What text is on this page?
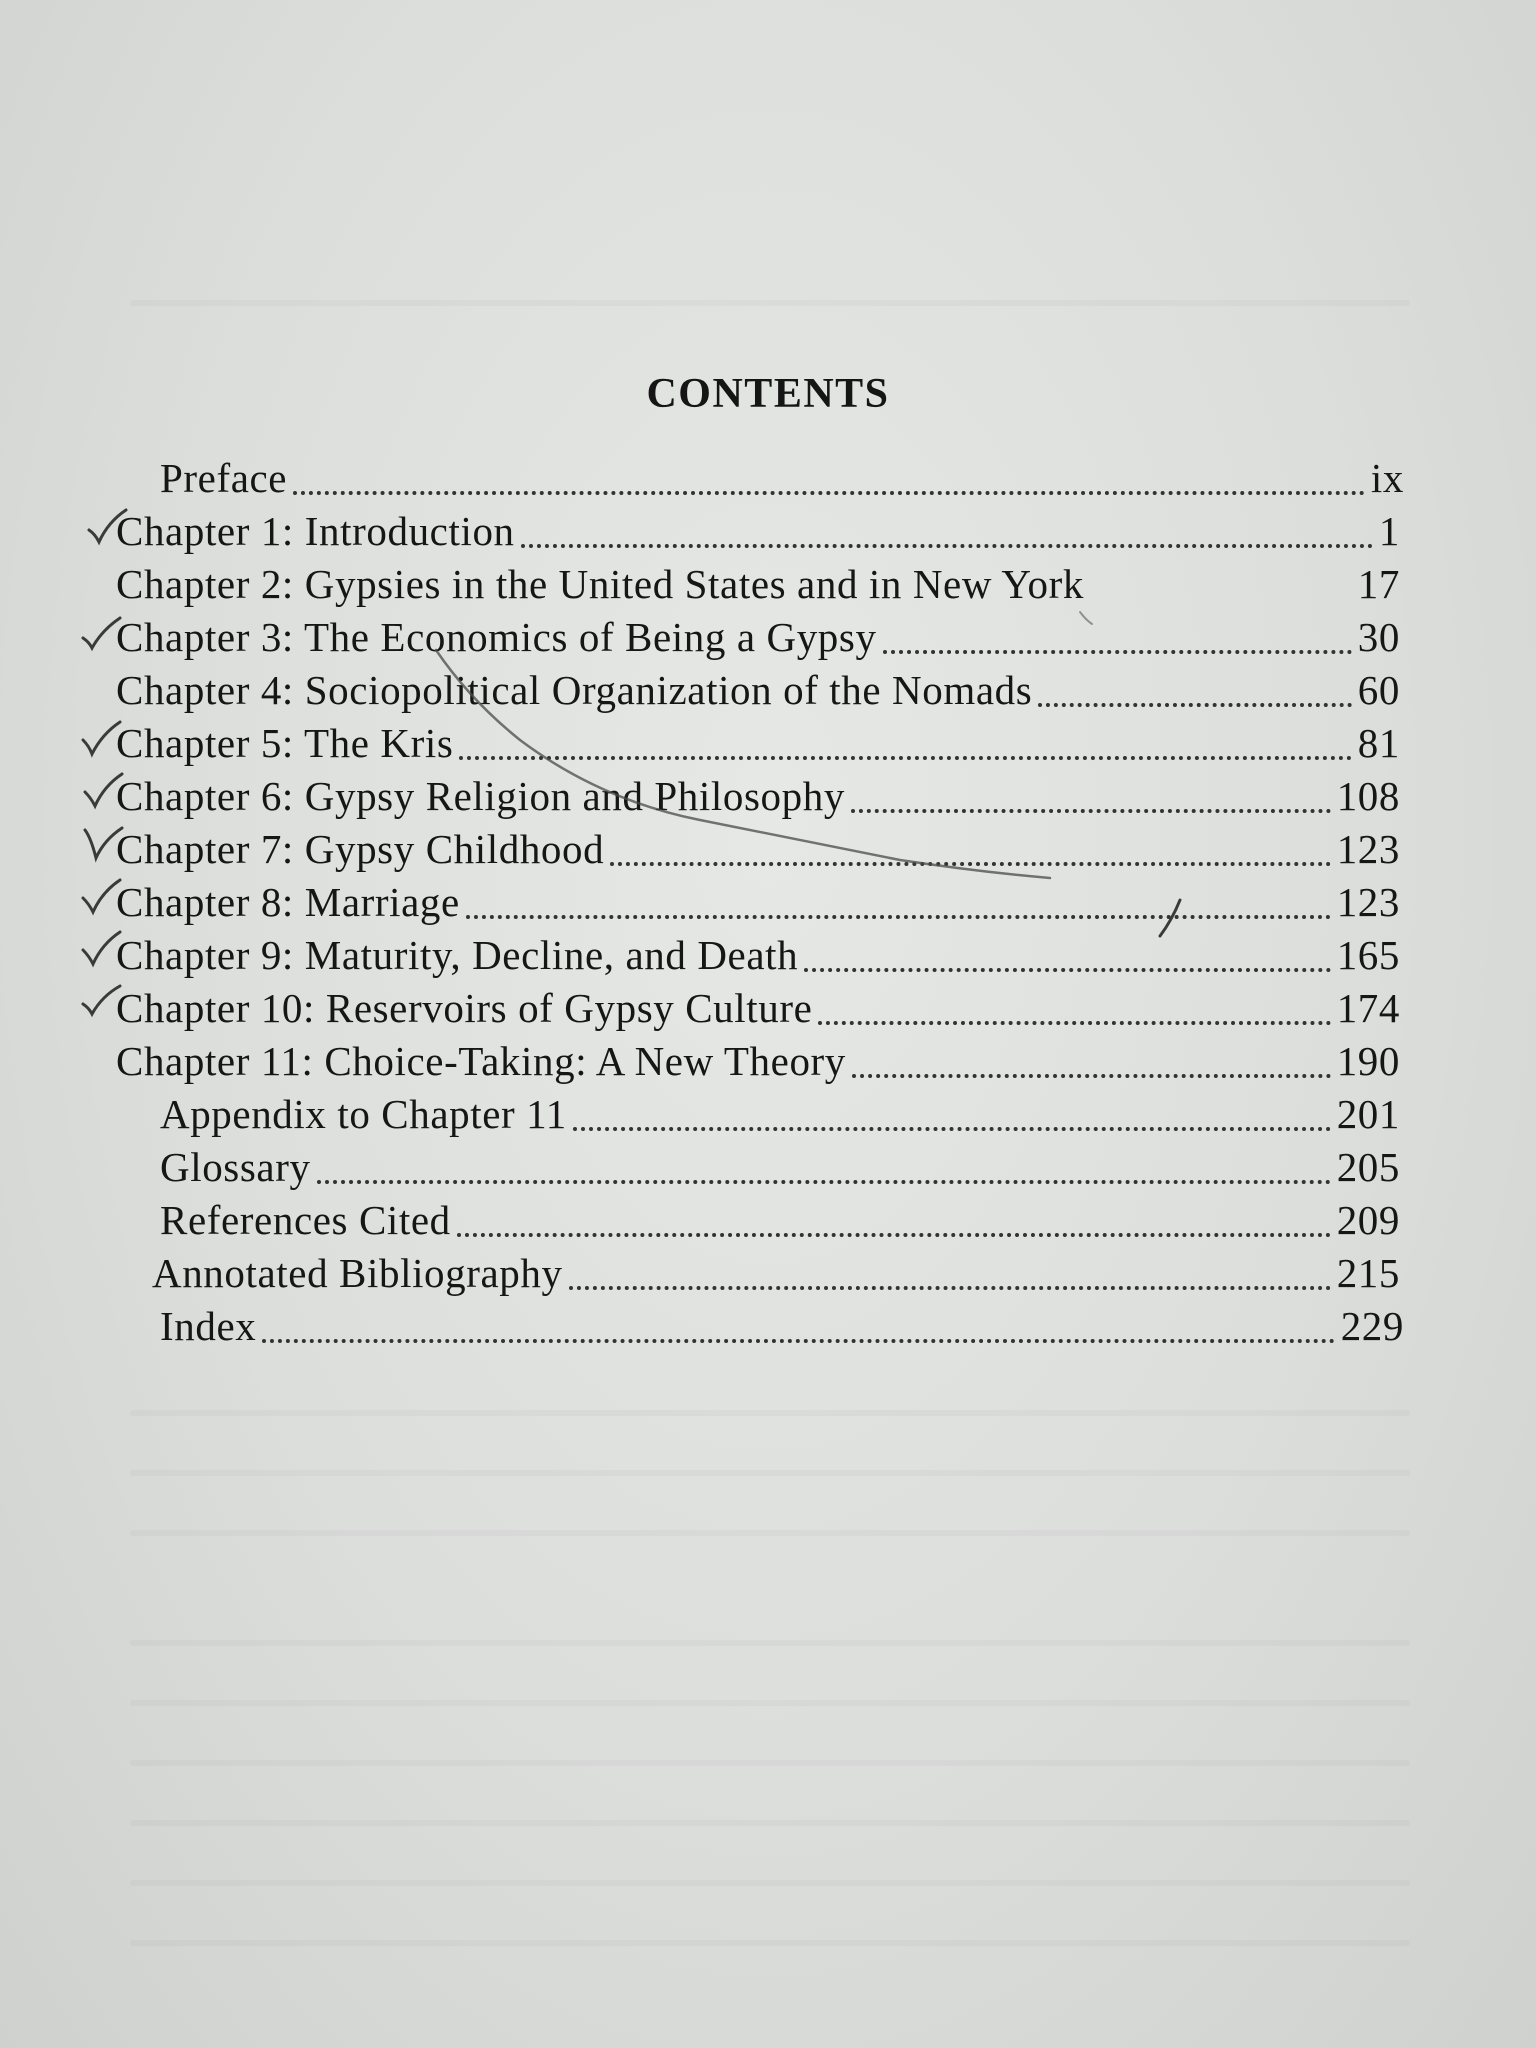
CONTENTS
Preface	ix
Chapter 1: Introduction	1
Chapter 2: Gypsies in the United States and in New York	17
Chapter 3: The Economics of Being a Gypsy	30
Chapter 4: Sociopolitical Organization of the Nomads	60
Chapter 5: The Kris	81
Chapter 6: Gypsy Religion and Philosophy	108
Chapter 7: Gypsy Childhood	123
Chapter 8: Marriage	123
Chapter 9: Maturity, Decline, and Death	165
Chapter 10: Reservoirs of Gypsy Culture	174
Chapter 11: Choice-Taking: A New Theory	190
Appendix to Chapter 11	201
Glossary	205
References Cited	209
Annotated Bibliography	215
Index	229
